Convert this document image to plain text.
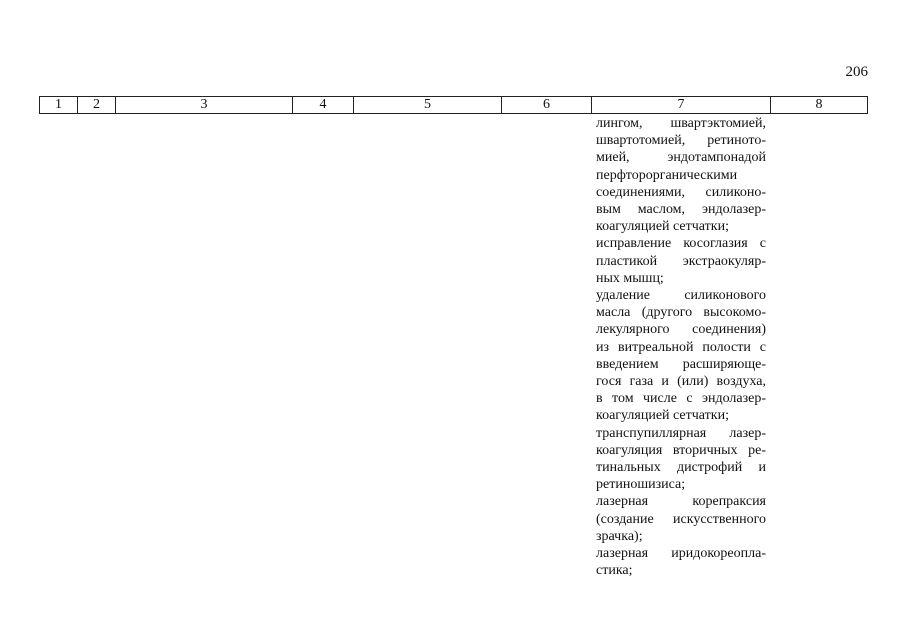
206
1	2	3	4	5	6	7	8
лингом, швартэктомией,
швартотомией, ретиното-
мией, эндотампонадой
перфторорганическими
соединениями, силиконо-
вым маслом, эндолазер-
коагуляцией сетчатки;
исправление косоглазия с
пластикой экстраокуляр-
ных мышц;
удаление силиконового
масла (другого высокомо-
лекулярного соединения)
из витреальной полости с
введением расширяюще-
гося газа и (или) воздуха,
в том числе с эндолазер-
коагуляцией сетчатки;
транспупиллярная лазер-
коагуляция вторичных ре-
тинальных дистрофий и
ретиношизиса;
лазерная корепраксия
(создание искусственного
зрачка);
лазерная иридокореопла-
стика;
